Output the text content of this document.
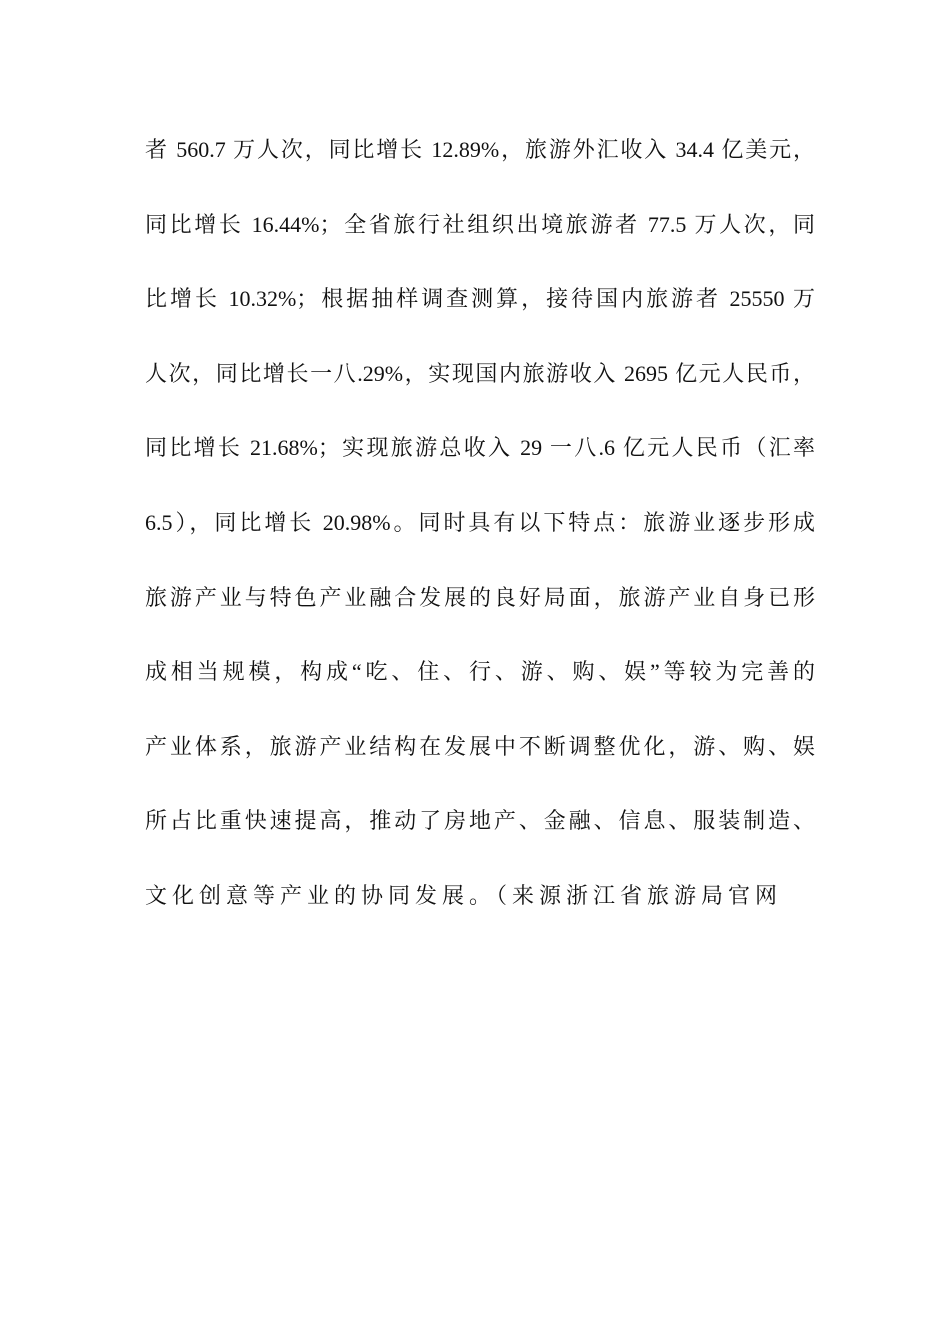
者 560.7 万人次，同比增长 12.89%，旅游外汇收入 34.4 亿美元，
同比增长 16.44%；全省旅行社组织出境旅游者 77.5 万人次，同
比增长 10.32%；根据抽样调查测算，接待国内旅游者 25550 万
人次，同比增长一八.29%，实现国内旅游收入 2695 亿元人民币，
同比增长 21.68%；实现旅游总收入 29 一八.6 亿元人民币（汇率
6.5），同比增长 20.98%。同时具有以下特点：旅游业逐步形成
旅游产业与特色产业融合发展的良好局面，旅游产业自身已形
成相当规模，构成“吃、住、行、游、购、娱”等较为完善的
产业体系，旅游产业结构在发展中不断调整优化，游、购、娱
所占比重快速提高，推动了房地产、金融、信息、服装制造、
文化创意等产业的协同发展。（来源浙江省旅游局官网
